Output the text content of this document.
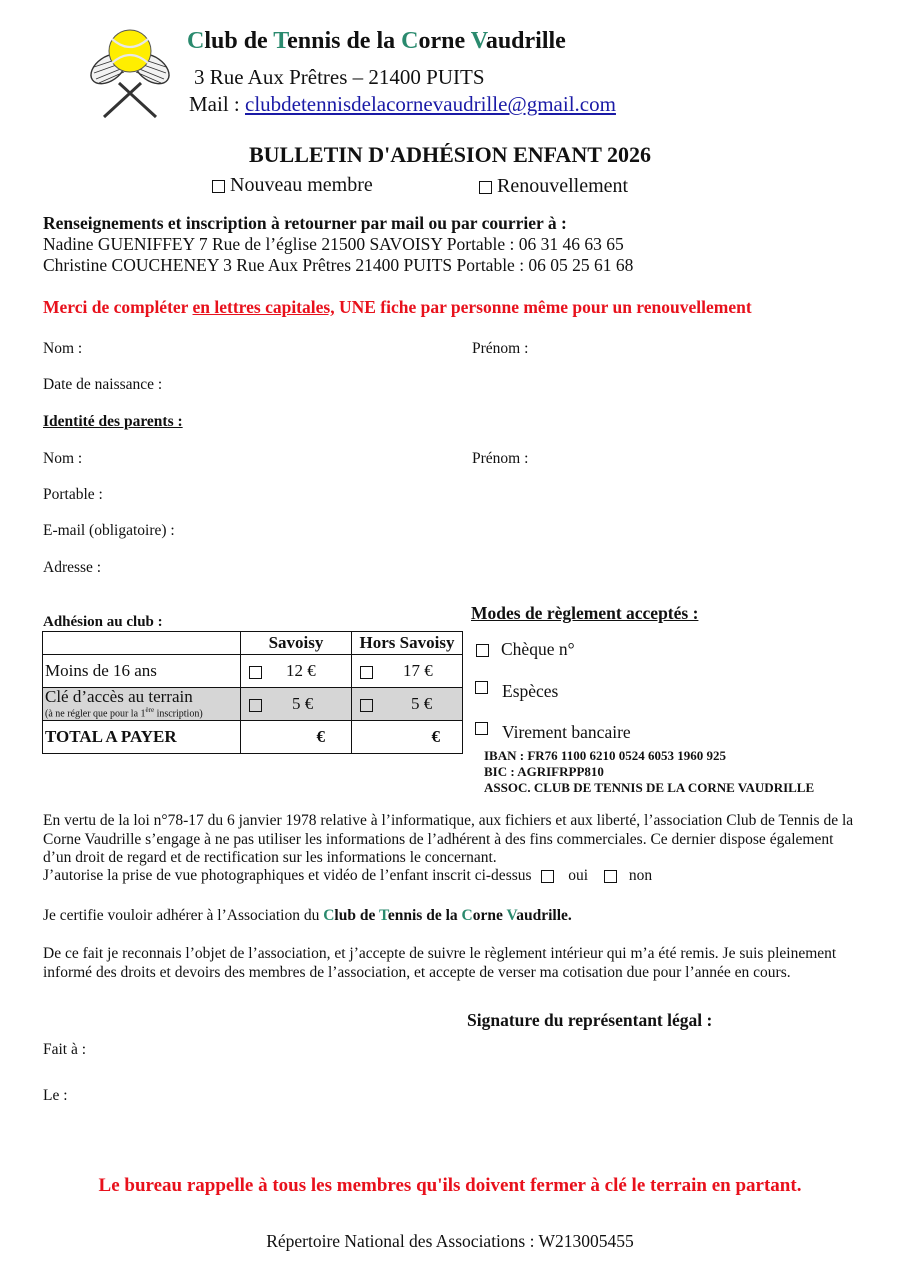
Club de Tennis de la Corne Vaudrille
3 Rue Aux Prêtres – 21400 PUITS
Mail : clubdetennisdelacornevaudrille@gmail.com
BULLETIN D'ADHÉSION ENFANT 2026
Nouveau membre	Renouvellement
Renseignements et inscription à retourner par mail ou par courrier à :
Nadine GUENIFFEY 7 Rue de l’église 21500 SAVOISY Portable : 06 31 46 63 65
Christine COUCHENEY 3 Rue Aux Prêtres 21400 PUITS Portable : 06 05 25 61 68
Merci de compléter en lettres capitales, UNE fiche par personne même pour un renouvellement
Nom :	Prénom :
Date de naissance :
Identité des parents :
Nom :	Prénom :
Portable :
E-mail (obligatoire) :
Adresse :
Adhésion au club :
	Savoisy	Hors Savoisy
Moins de 16 ans	12 €	17 €

Clé d’accès au terrain
(à ne régler que pour la 1ère inscription)	5 €	5 €
TOTAL A PAYER	€	€
Modes de règlement acceptés :
Chèque n°
Espèces
Virement bancaire
IBAN : FR76 1100 6210 0524 6053 1960 925
BIC : AGRIFRPP810
ASSOC. CLUB DE TENNIS DE LA CORNE VAUDRILLE
En vertu de la loi n°78-17 du 6 janvier 1978 relative à l’informatique, aux fichiers et aux liberté, l’association Club de Tennis de la Corne Vaudrille s’engage à ne pas utiliser les informations de l’adhérent à des fins commerciales. Ce dernier dispose également d’un droit de regard et de rectification sur les informations le concernant.
J’autorise la prise de vue photographiques et vidéo de l’enfant inscrit ci-dessus oui	non
Je certifie vouloir adhérer à l’Association du Club de Tennis de la Corne Vaudrille.
De ce fait je reconnais l’objet de l’association, et j’accepte de suivre le règlement intérieur qui m’a été remis. Je suis pleinement informé des droits et devoirs des membres de l’association, et accepte de verser ma cotisation due pour l’année en cours.
Signature du représentant légal :
Fait à :
Le :
Le bureau rappelle à tous les membres qu'ils doivent fermer à clé le terrain en partant.
Répertoire National des Associations : W213005455
